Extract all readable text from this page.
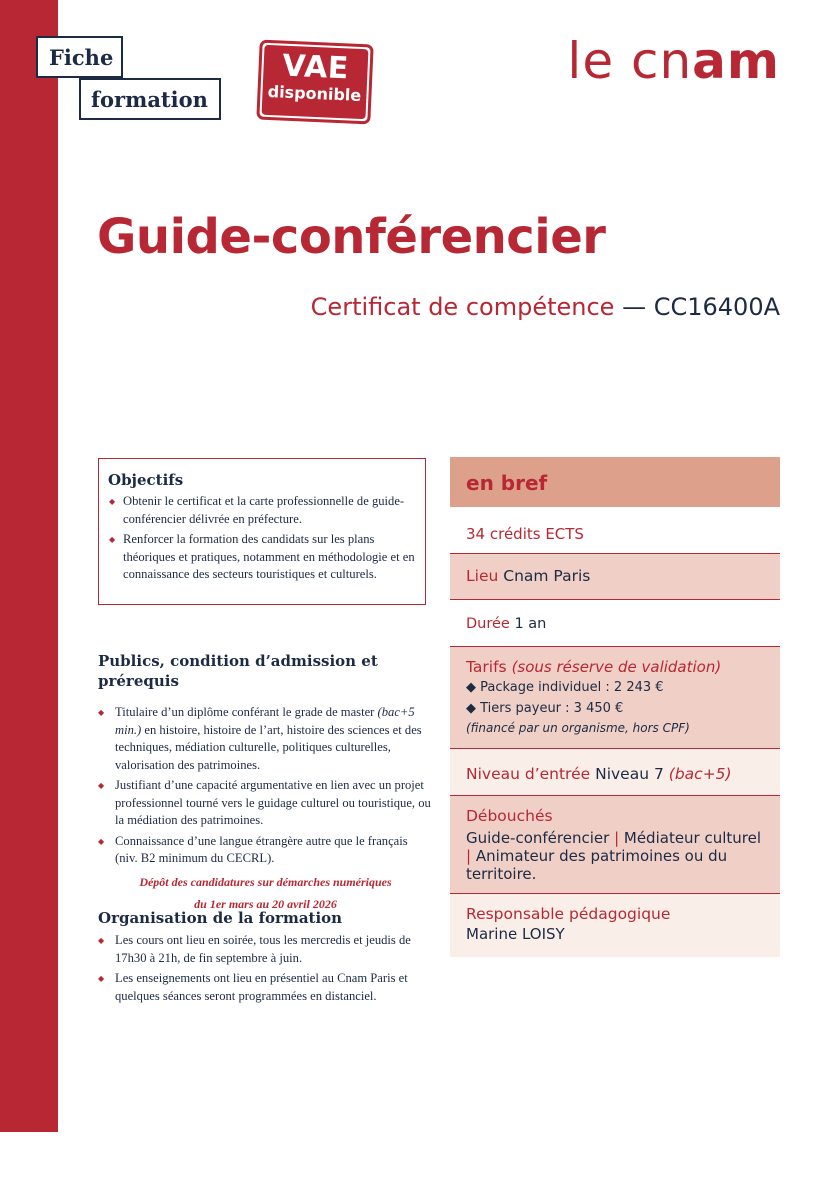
Fiche
formation
VAE
disponible
le cnam
Guide-conférencier
Certificat de compétence — CC16400A
Objectifs
◆ Obtenir le certificat et la carte professionnelle de guide-conférencier délivrée en préfecture.
◆ Renforcer la formation des candidats sur les plans théoriques et pratiques, notamment en méthodologie et en connaissance des secteurs touristiques et culturels.
Publics, condition d’admission et prérequis
◆ Titulaire d’un diplôme conférant le grade de master (bac+5 min.) en histoire, histoire de l’art, histoire des sciences et des techniques, médiation culturelle, politiques culturelles, valorisation des patrimoines.
◆ Justifiant d’une capacité argumentative en lien avec un projet professionnel tourné vers le guidage culturel ou touristique, ou la médiation des patrimoines.
◆ Connaissance d’une langue étrangère autre que le français (niv. B2 minimum du CECRL).
Dépôt des candidatures sur démarches numériques
du 1er mars au 20 avril 2026
Organisation de la formation
◆ Les cours ont lieu en soirée, tous les mercredis et jeudis de 17h30 à 21h, de fin septembre à juin.
◆ Les enseignements ont lieu en présentiel au Cnam Paris et quelques séances seront programmées en distanciel.
en bref
34 crédits ECTS
Lieu Cnam Paris
Durée 1 an
Tarifs (sous réserve de validation)
◆ Package individuel : 2 243 €
◆ Tiers payeur : 3 450 €
(financé par un organisme, hors CPF)
Niveau d’entrée Niveau 7 (bac+5)
Débouchés
Guide-conférencier | Médiateur culturel | Animateur des patrimoines ou du territoire.
Responsable pédagogique
Marine LOISY
